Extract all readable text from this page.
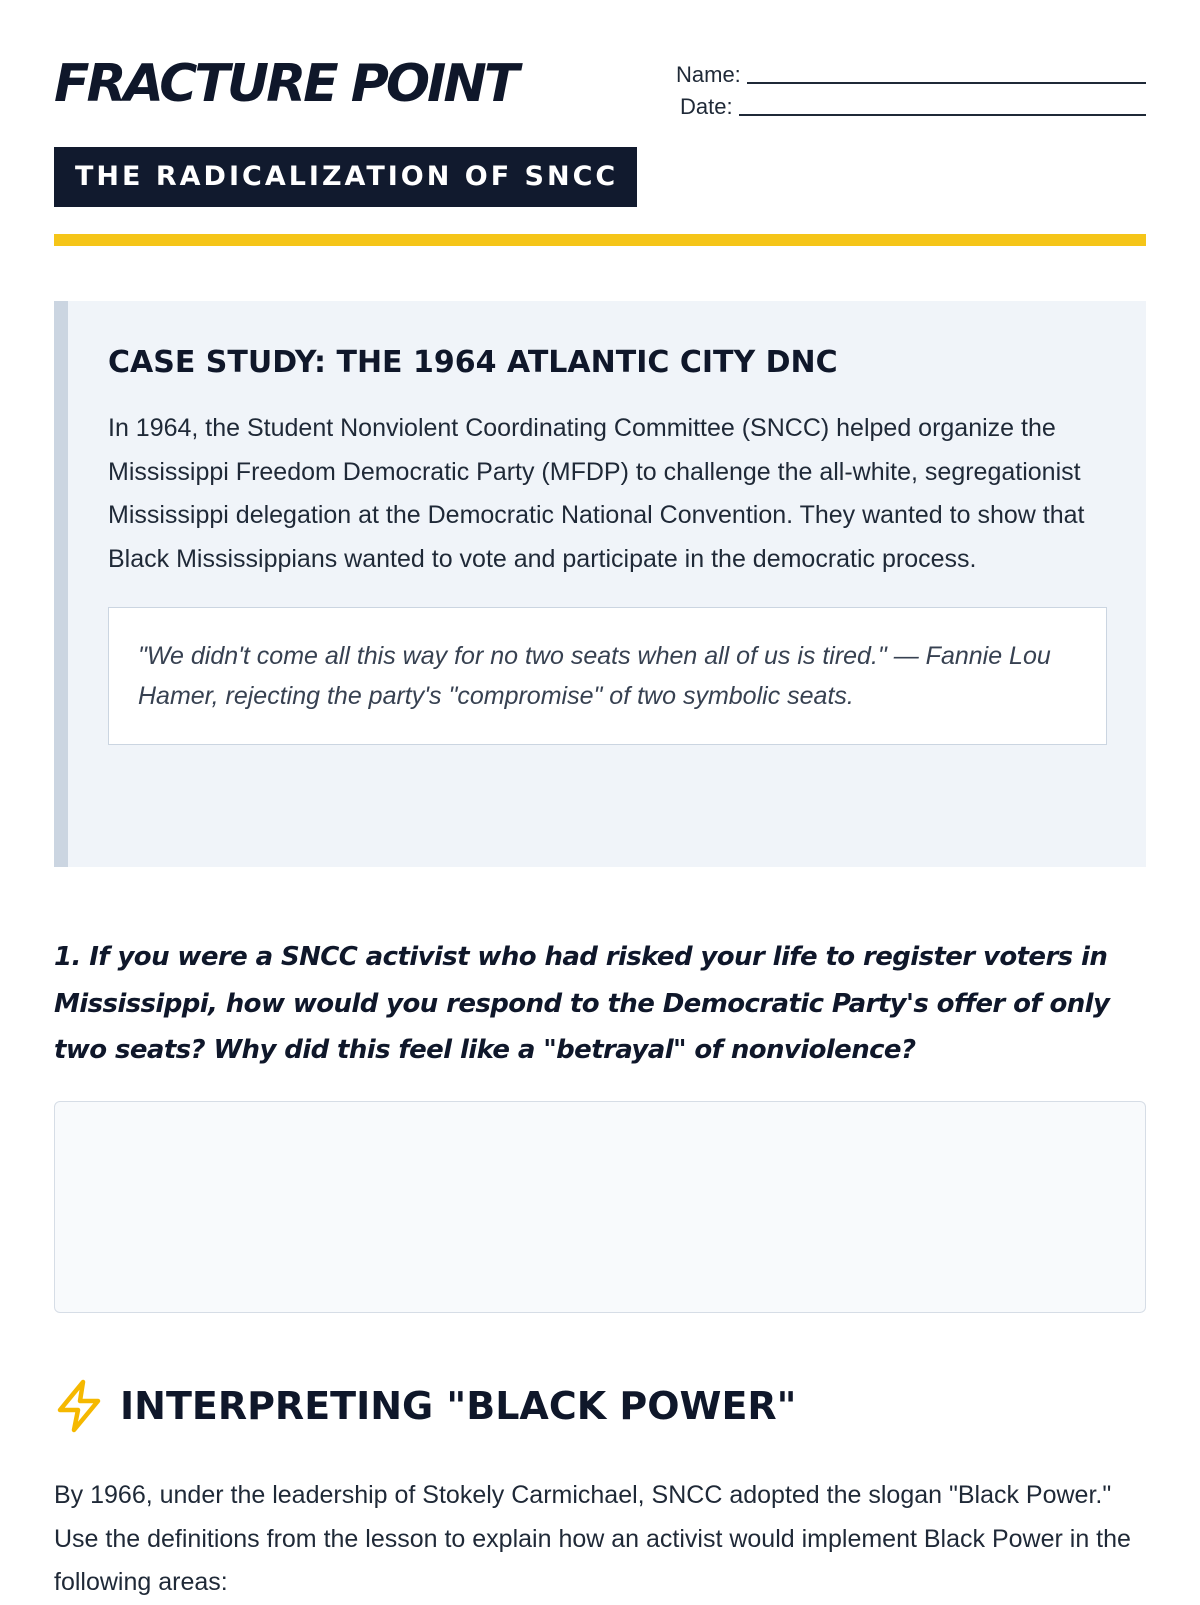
FRACTURE POINT
THE RADICALIZATION OF SNCC
Name:
Date:
CASE STUDY: THE 1964 ATLANTIC CITY DNC

In 1964, the Student Nonviolent Coordinating Committee (SNCC) helped organize the Mississippi Freedom Democratic Party (MFDP) to challenge the all-white, segregationist Mississippi delegation at the Democratic National Convention. They wanted to show that Black Mississippians wanted to vote and participate in the democratic process.

"We didn't come all this way for no two seats when all of us is tired." — Fannie Lou Hamer, rejecting the party's "compromise" of two symbolic seats.

1. If you were a SNCC activist who had risked your life to register voters in Mississippi, how would you respond to the Democratic Party's offer of only two seats? Why did this feel like a "betrayal" of nonviolence?

INTERPRETING "BLACK POWER"

By 1966, under the leadership of Stokely Carmichael, SNCC adopted the slogan "Black Power." Use the definitions from the lesson to explain how an activist would implement Black Power in the following areas:
